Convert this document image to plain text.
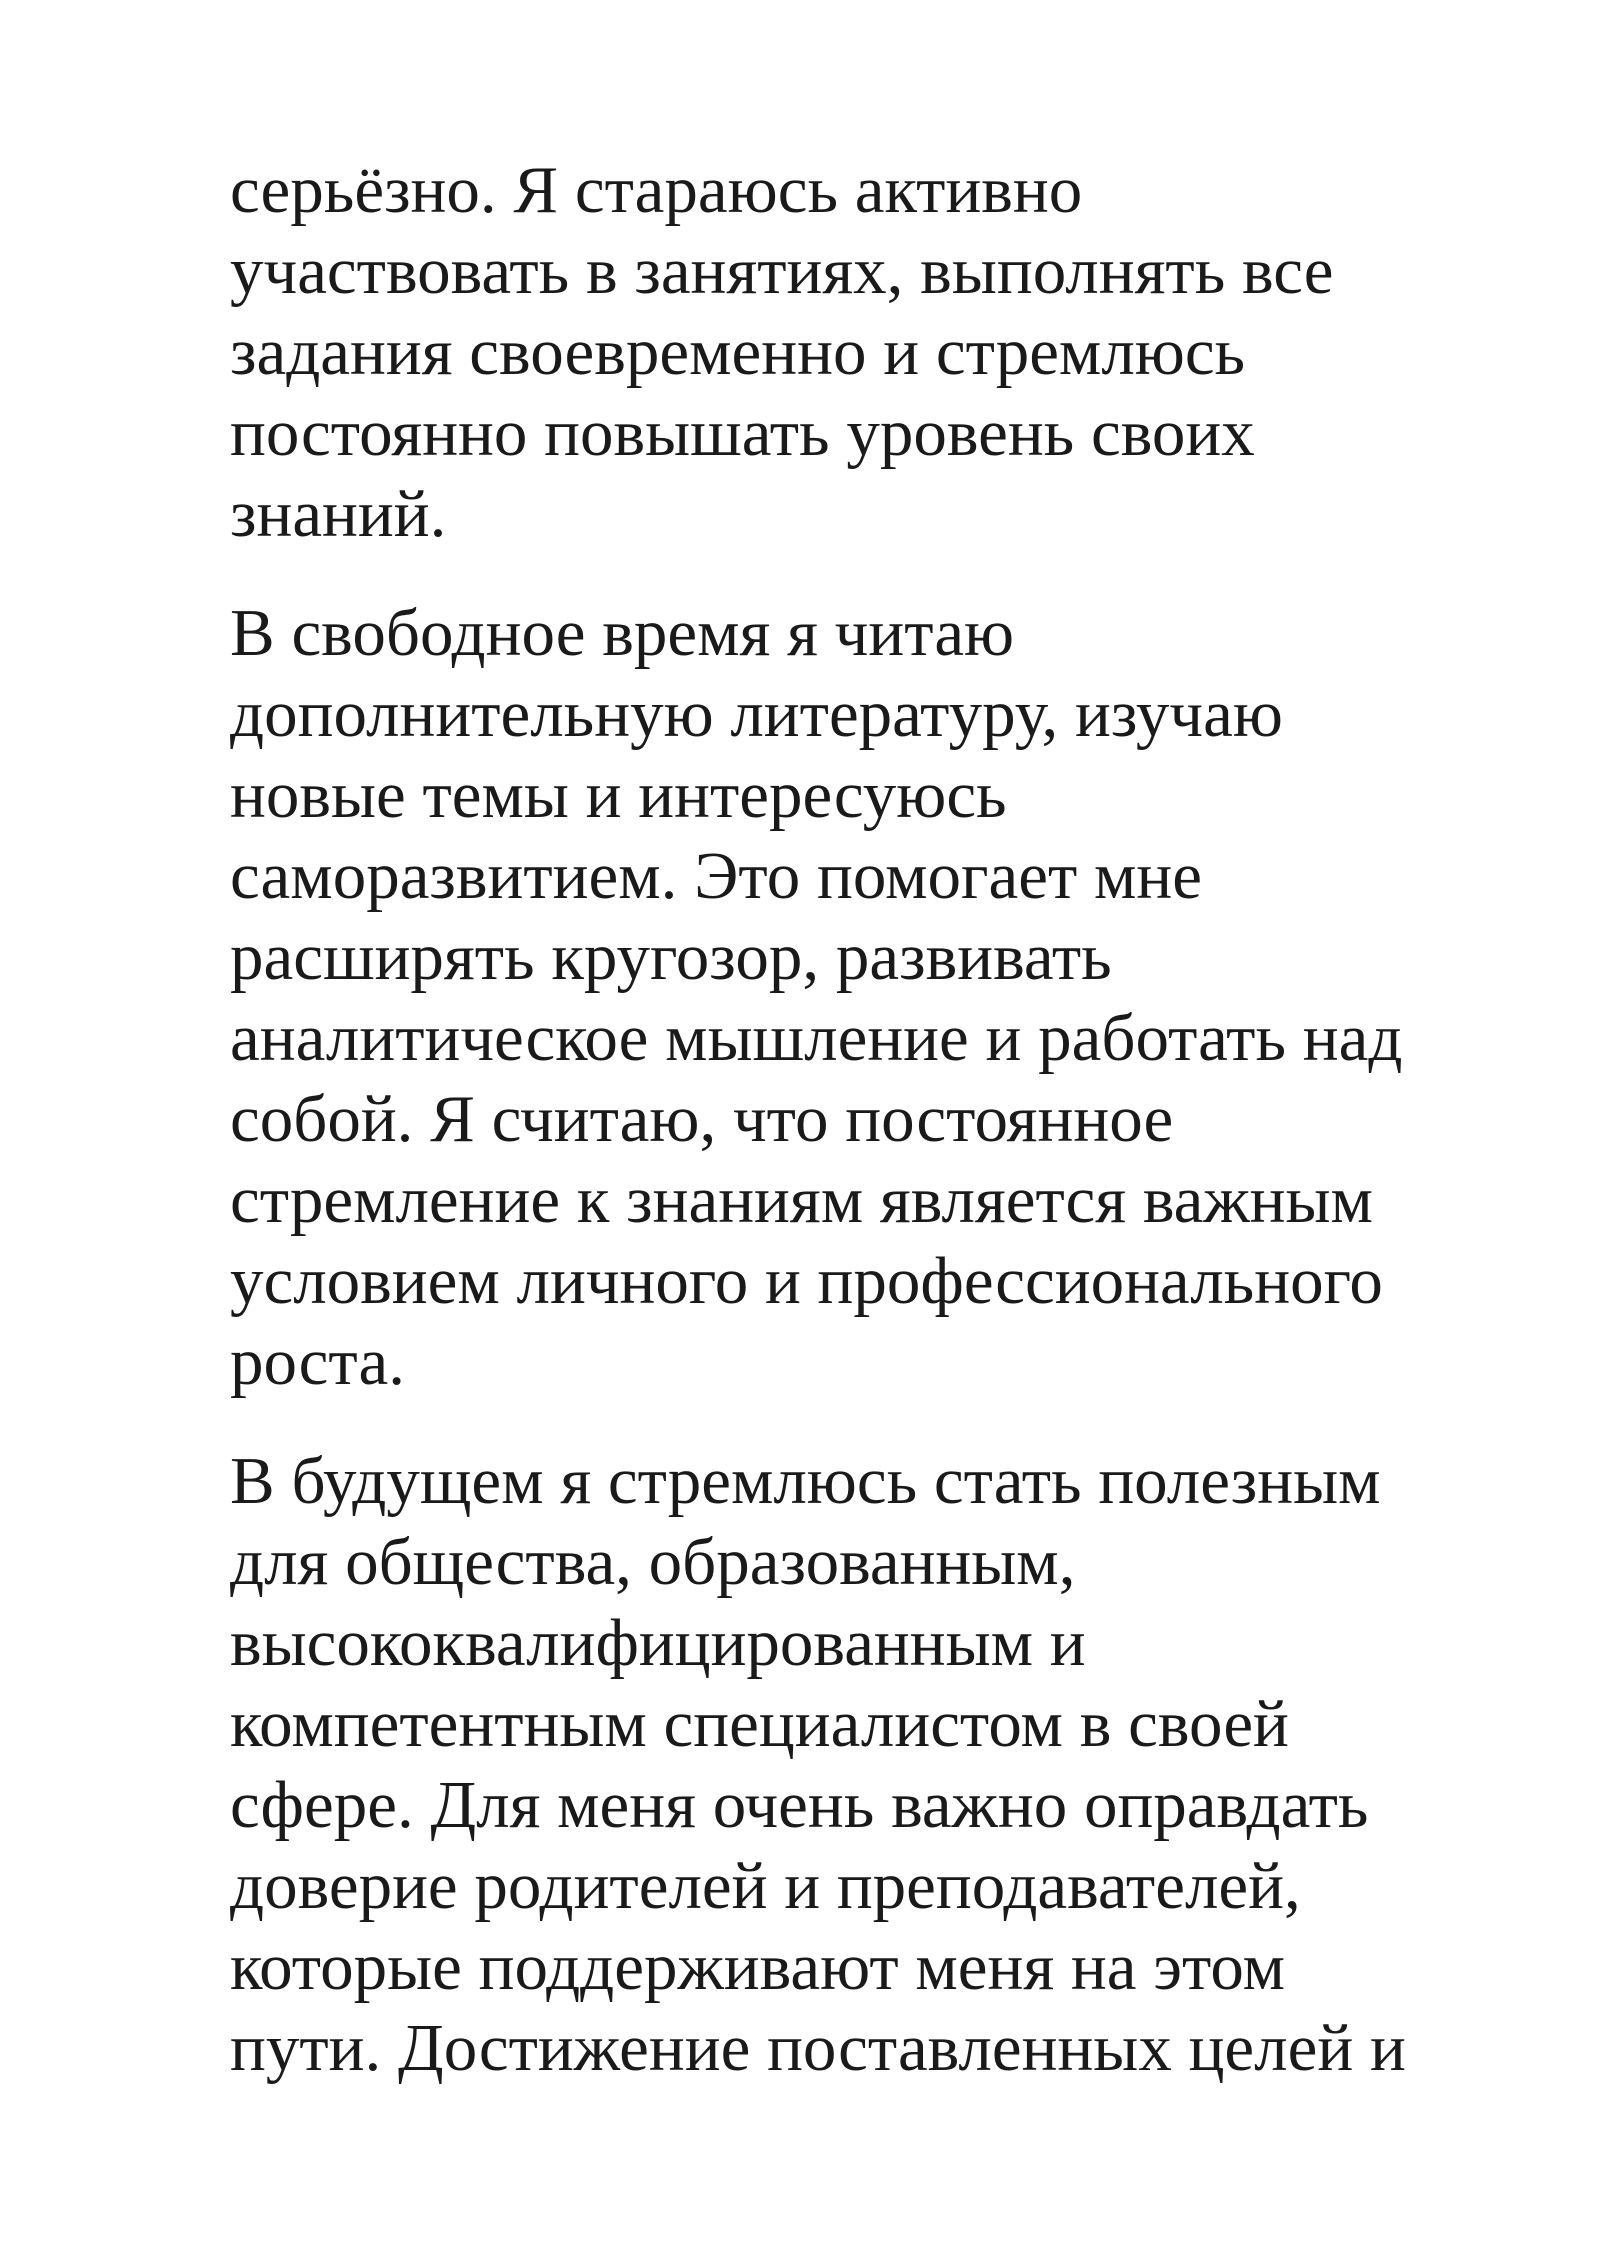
серьёзно. Я стараюсь активно
участвовать в занятиях, выполнять все
задания своевременно и стремлюсь
постоянно повышать уровень своих
знаний.

В свободное время я читаю
дополнительную литературу, изучаю
новые темы и интересуюсь
саморазвитием. Это помогает мне
расширять кругозор, развивать
аналитическое мышление и работать над
собой. Я считаю, что постоянное
стремление к знаниям является важным
условием личного и профессионального
роста.

В будущем я стремлюсь стать полезным
для общества, образованным,
высококвалифицированным и
компетентным специалистом в своей
сфере. Для меня очень важно оправдать
доверие родителей и преподавателей,
которые поддерживают меня на этом
пути. Достижение поставленных целей и
